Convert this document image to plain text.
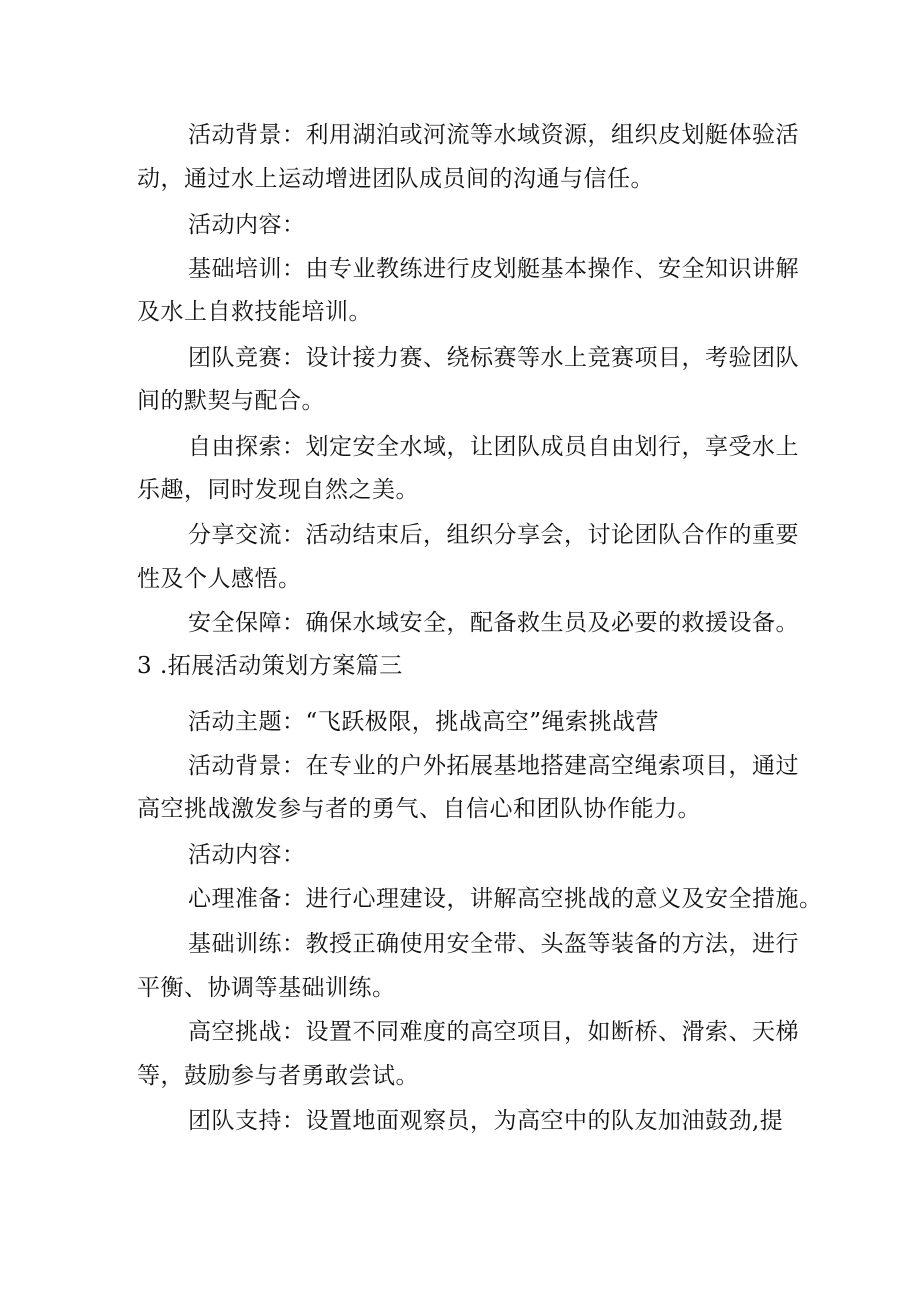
活动背景：利用湖泊或河流等水域资源，组织皮划艇体验活
动，通过水上运动增进团队成员间的沟通与信任。
活动内容：
基础培训：由专业教练进行皮划艇基本操作、安全知识讲解
及水上自救技能培训。
团队竞赛：设计接力赛、绕标赛等水上竞赛项目，考验团队
间的默契与配合。
自由探索：划定安全水域，让团队成员自由划行，享受水上
乐趣，同时发现自然之美。
分享交流：活动结束后，组织分享会，讨论团队合作的重要
性及个人感悟。
安全保障：确保水域安全，配备救生员及必要的救援设备。
3 .拓展活动策划方案篇三
活动主题：“飞跃极限，挑战高空”绳索挑战营
活动背景：在专业的户外拓展基地搭建高空绳索项目，通过
高空挑战激发参与者的勇气、自信心和团队协作能力。
活动内容：
心理准备：进行心理建设，讲解高空挑战的意义及安全措施。
基础训练：教授正确使用安全带、头盔等装备的方法，进行
平衡、协调等基础训练。
高空挑战：设置不同难度的高空项目，如断桥、滑索、天梯
等，鼓励参与者勇敢尝试。
团队支持：设置地面观察员，为高空中的队友加油鼓劲,提
